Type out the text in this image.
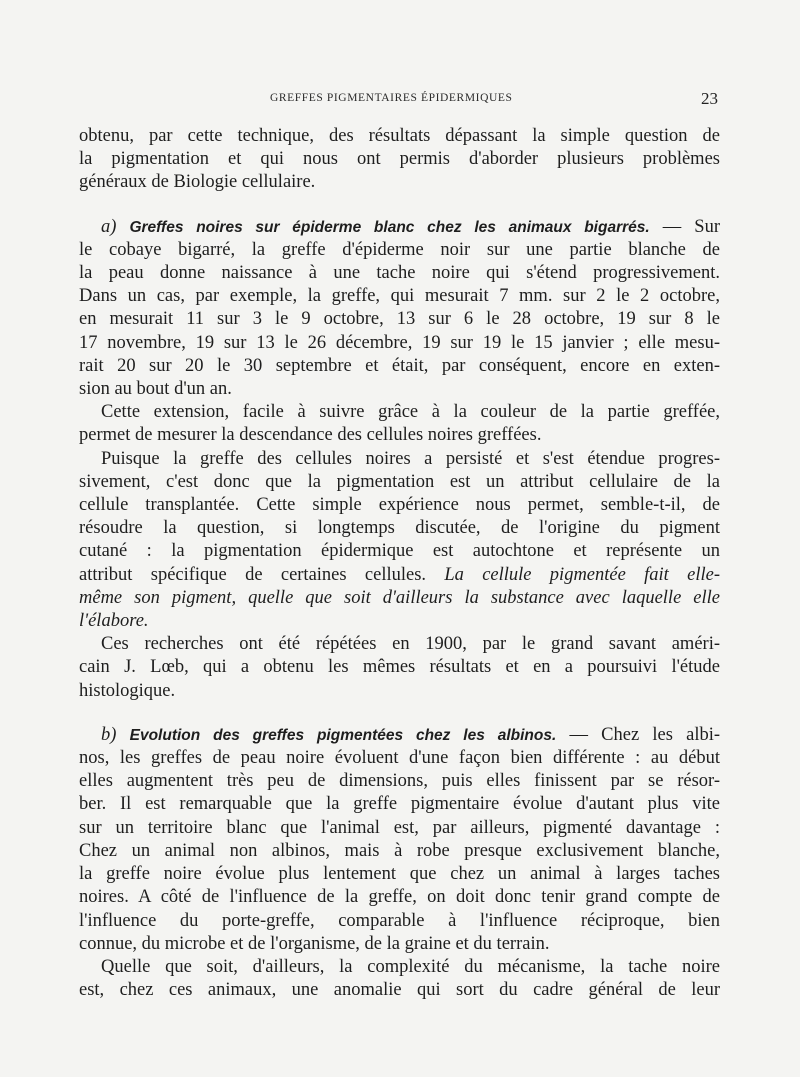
GREFFES PIGMENTAIRES ÉPIDERMIQUES	23

obtenu, par cette technique, des résultats dépassant la simple question de
la pigmentation et qui nous ont permis d'aborder plusieurs problèmes
généraux de Biologie cellulaire.

a) Greffes noires sur épiderme blanc chez les animaux bigarrés. — Sur
le cobaye bigarré, la greffe d'épiderme noir sur une partie blanche de
la peau donne naissance à une tache noire qui s'étend progressivement.
Dans un cas, par exemple, la greffe, qui mesurait 7 mm. sur 2 le 2 octobre,
en mesurait 11 sur 3 le 9 octobre, 13 sur 6 le 28 octobre, 19 sur 8 le
17 novembre, 19 sur 13 le 26 décembre, 19 sur 19 le 15 janvier ; elle mesu-
rait 20 sur 20 le 30 septembre et était, par conséquent, encore en exten-
sion au bout d'un an.

Cette extension, facile à suivre grâce à la couleur de la partie greffée,
permet de mesurer la descendance des cellules noires greffées.

Puisque la greffe des cellules noires a persisté et s'est étendue progres-
sivement, c'est donc que la pigmentation est un attribut cellulaire de la
cellule transplantée. Cette simple expérience nous permet, semble-t-il, de
résoudre la question, si longtemps discutée, de l'origine du pigment
cutané : la pigmentation épidermique est autochtone et représente un
attribut spécifique de certaines cellules. La cellule pigmentée fait elle-
même son pigment, quelle que soit d'ailleurs la substance avec laquelle elle
l'élabore.

Ces recherches ont été répétées en 1900, par le grand savant améri-
cain J. Lœb, qui a obtenu les mêmes résultats et en a poursuivi l'étude
histologique.

b) Evolution des greffes pigmentées chez les albinos. — Chez les albi-
nos, les greffes de peau noire évoluent d'une façon bien différente : au début
elles augmentent très peu de dimensions, puis elles finissent par se résor-
ber. Il est remarquable que la greffe pigmentaire évolue d'autant plus vite
sur un territoire blanc que l'animal est, par ailleurs, pigmenté davantage :
Chez un animal non albinos, mais à robe presque exclusivement blanche,
la greffe noire évolue plus lentement que chez un animal à larges taches
noires. A côté de l'influence de la greffe, on doit donc tenir grand compte de
l'influence du porte-greffe, comparable à l'influence réciproque, bien
connue, du microbe et de l'organisme, de la graine et du terrain.

Quelle que soit, d'ailleurs, la complexité du mécanisme, la tache noire
est, chez ces animaux, une anomalie qui sort du cadre général de leur
